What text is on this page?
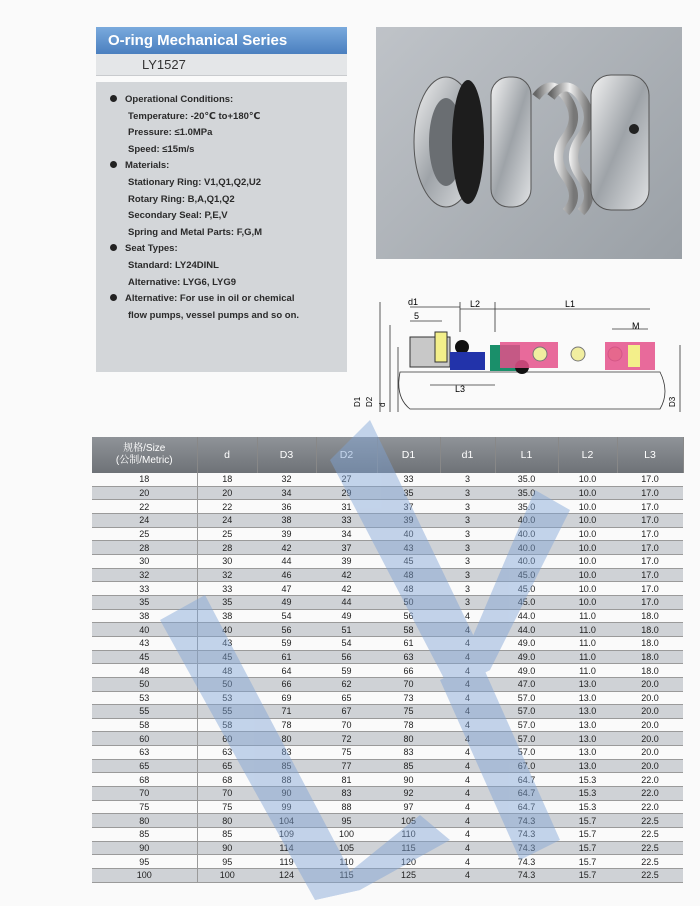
O-ring Mechanical Series
LY1527
Operational Conditions:
Temperature: -20℃ to+180℃
Pressure: ≤1.0MPa
Speed: ≤15m/s
Materials:
Stationary Ring: V1,Q1,Q2,U2
Rotary Ring: B,A,Q1,Q2
Secondary Seal: P,E,V
Spring and Metal Parts: F,G,M
Seat Types:
Standard: LY24DINL
Alternative: LYG6, LYG9
Alternative: For use in oil or chemical
flow pumps, vessel pumps and so on.
d1
5
L2	L1
M
L3
D1 D2 d	D3
规格/Size
(公制/Metric)	d	D3	D2	D1	d1	L1	L2	L3
18	18	32	27	33	3	35.0	10.0	17.0
20	20	34	29	35	3	35.0	10.0	17.0
22	22	36	31	37	3	35.0	10.0	17.0
24	24	38	33	39	3	40.0	10.0	17.0
25	25	39	34	40	3	40.0	10.0	17.0
28	28	42	37	43	3	40.0	10.0	17.0
30	30	44	39	45	3	40.0	10.0	17.0
32	32	46	42	48	3	45.0	10.0	17.0
33	33	47	42	48	3	45.0	10.0	17.0
35	35	49	44	50	3	45.0	10.0	17.0
38	38	54	49	56	4	44.0	11.0	18.0
40	40	56	51	58	4	44.0	11.0	18.0
43	43	59	54	61	4	49.0	11.0	18.0
45	45	61	56	63	4	49.0	11.0	18.0
48	48	64	59	66	4	49.0	11.0	18.0
50	50	66	62	70	4	47.0	13.0	20.0
53	53	69	65	73	4	57.0	13.0	20.0
55	55	71	67	75	4	57.0	13.0	20.0
58	58	78	70	78	4	57.0	13.0	20.0
60	60	80	72	80	4	57.0	13.0	20.0
63	63	83	75	83	4	57.0	13.0	20.0
65	65	85	77	85	4	67.0	13.0	20.0
68	68	88	81	90	4	64.7	15.3	22.0
70	70	90	83	92	4	64.7	15.3	22.0
75	75	99	88	97	4	64.7	15.3	22.0
80	80	104	95	105	4	74.3	15.7	22.5
85	85	109	100	110	4	74.3	15.7	22.5
90	90	114	105	115	4	74.3	15.7	22.5
95	95	119	110	120	4	74.3	15.7	22.5
100	100	124	115	125	4	74.3	15.7	22.5
